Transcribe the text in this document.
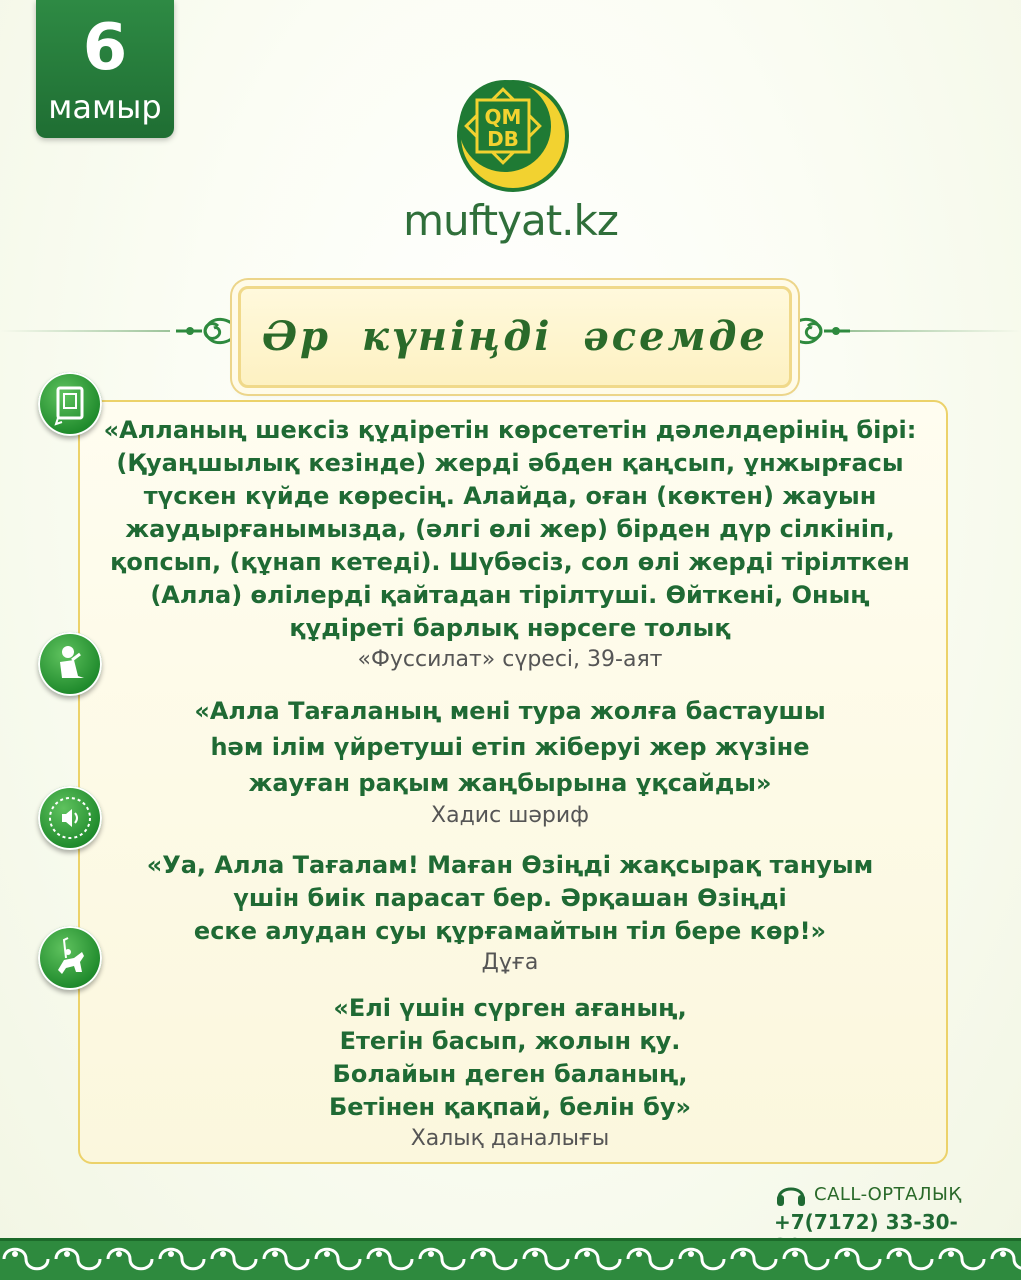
6
мамыр	QM
DB
muftyat.kz
Әр күніңді әсемде

«Алланың шексіз құдіретін көрсететін дәлелдерінің бірі:

(Қуаңшылық кезінде) жерді әбден қаңсып, ұнжырғасы

түскен күйде көресің. Алайда, оған (көктен) жауын

жаудырғанымызда, (әлгі өлі жер) бірден дүр сілкініп,

қопсып, (құнап кетеді). Шүбәсіз, сол өлі жерді тірілткен

(Алла) өлілерді қайтадан тірілтуші. Өйткені, Оның

құдіреті барлық нәрсеге толық

«Фуссилат» сүресі, 39-аят

«Алла Тағаланың мені тура жолға бастаушы

һәм ілім үйретуші етіп жіберуі жер жүзіне

жауған рақым жаңбырына ұқсайды»

Хадис шәриф

«Уа, Алла Тағалам! Маған Өзіңді жақсырақ тануым

үшін биік парасат бер. Әрқашан Өзіңді

еске алудан суы құрғамайтын тіл бере көр!»

Дұға

«Елі үшін сүрген ағаның,

Етегін басып, жолын қу.

Болайын деген баланың,

Бетінен қақпай, белін бу»

Халық даналығы

CALL-ОРТАЛЫҚ
+7(7172) 33-30-
